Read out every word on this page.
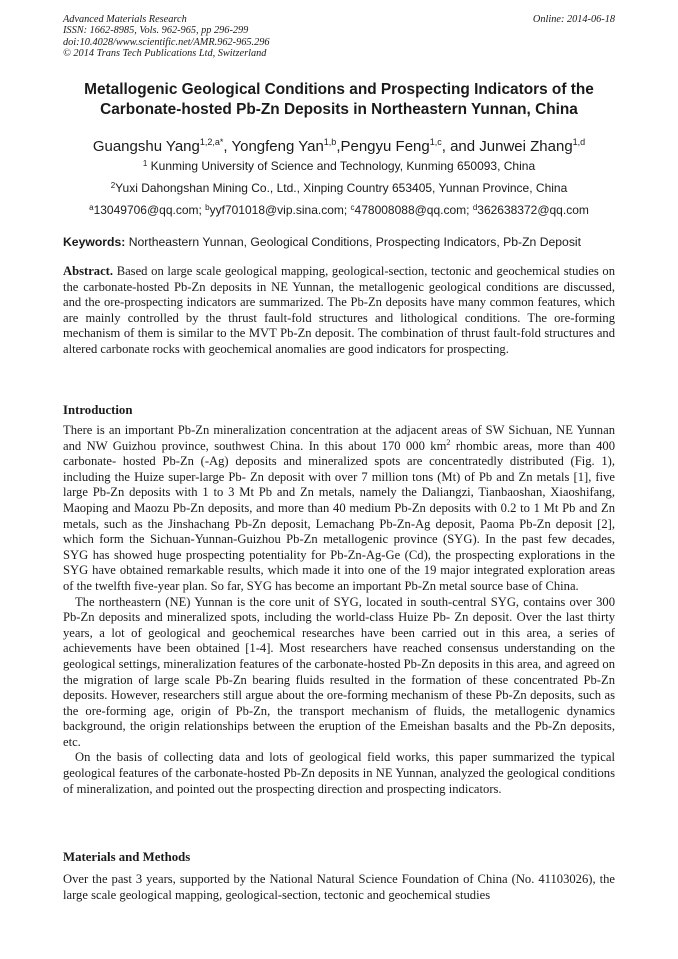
Advanced Materials Research
ISSN: 1662-8985, Vols. 962-965, pp 296-299
doi:10.4028/www.scientific.net/AMR.962-965.296
© 2014 Trans Tech Publications Ltd, Switzerland
Online: 2014-06-18
Metallogenic Geological Conditions and Prospecting Indicators of the Carbonate-hosted Pb-Zn Deposits in Northeastern Yunnan, China
Guangshu Yang$^{1,2,a*}$, Yongfeng Yan$^{1,b}$,Pengyu Feng$^{1,c}$, and Junwei Zhang$^{1,d}$
$^1$ Kunming University of Science and Technology, Kunming 650093, China
$^2$Yuxi Dahongshan Mining Co., Ltd., Xinping Country 653405, Yunnan Province, China
$^a$13049706@qq.com; $^b$yyf701018@vip.sina.com; $^c$478008088@qq.com; $^d$362638372@qq.com
Keywords: Northeastern Yunnan, Geological Conditions, Prospecting Indicators, Pb-Zn Deposit

Abstract. Based on large scale geological mapping, geological-section, tectonic and geochemical studies on the carbonate-hosted Pb-Zn deposits in NE Yunnan, the metallogenic geological conditions are discussed, and the ore-prospecting indicators are summarized. The Pb-Zn deposits have many common features, which are mainly controlled by the thrust fault-fold structures and lithological conditions. The ore-forming mechanism of them is similar to the MVT Pb-Zn deposit. The combination of thrust fault-fold structures and altered carbonate rocks with geochemical anomalies are good indicators for prospecting.

Introduction

There is an important Pb-Zn mineralization concentration at the adjacent areas of SW Sichuan, NE Yunnan and NW Guizhou province, southwest China. In this about 170 000 $km^2$ rhombic areas, more than 400 carbonate- hosted Pb-Zn (-Ag) deposits and mineralized spots are concentratedly distributed (Fig. 1), including the Huize super-large Pb- Zn deposit with over 7 million tons (Mt) of Pb and Zn metals [1], five large Pb-Zn deposits with 1 to 3 Mt Pb and Zn metals, namely the Daliangzi, Tianbaoshan, Xiaoshifang, Maoping and Maozu Pb-Zn deposits, and more than 40 medium Pb-Zn deposits with 0.2 to 1 Mt Pb and Zn metals, such as the Jinshachang Pb-Zn deposit, Lemachang Pb-Zn-Ag deposit, Paoma Pb-Zn deposit [2], which form the Sichuan-Yunnan-Guizhou Pb-Zn metallogenic province (SYG). In the past few decades, SYG has showed huge prospecting potentiality for Pb-Zn-Ag-Ge (Cd), the prospecting explorations in the SYG have obtained remarkable results, which made it into one of the 19 major integrated exploration areas of the twelfth five-year plan. So far, SYG has become an important Pb-Zn metal source base of China.

The northeastern (NE) Yunnan is the core unit of SYG, located in south-central SYG, contains over 300 Pb-Zn deposits and mineralized spots, including the world-class Huize Pb- Zn deposit. Over the last thirty years, a lot of geological and geochemical researches have been carried out in this area, a series of achievements have been obtained [1-4]. Most researchers have reached consensus understanding on the geological settings, mineralization features of the carbonate-hosted Pb-Zn deposits in this area, and agreed on the migration of large scale Pb-Zn bearing fluids resulted in the formation of these concentrated Pb-Zn deposits. However, researchers still argue about the ore-forming mechanism of these Pb-Zn deposits, such as the ore-forming age, origin of Pb-Zn, the transport mechanism of fluids, the metallogenic dynamics background, the origin relationships between the eruption of the Emeishan basalts and the Pb-Zn deposits, etc.

On the basis of collecting data and lots of geological field works, this paper summarized the typical geological features of the carbonate-hosted Pb-Zn deposits in NE Yunnan, analyzed the geological conditions of mineralization, and pointed out the prospecting direction and prospecting indicators.

Materials and Methods

Over the past 3 years, supported by the National Natural Science Foundation of China (No. 41103026), the large scale geological mapping, geological-section, tectonic and geochemical studies
